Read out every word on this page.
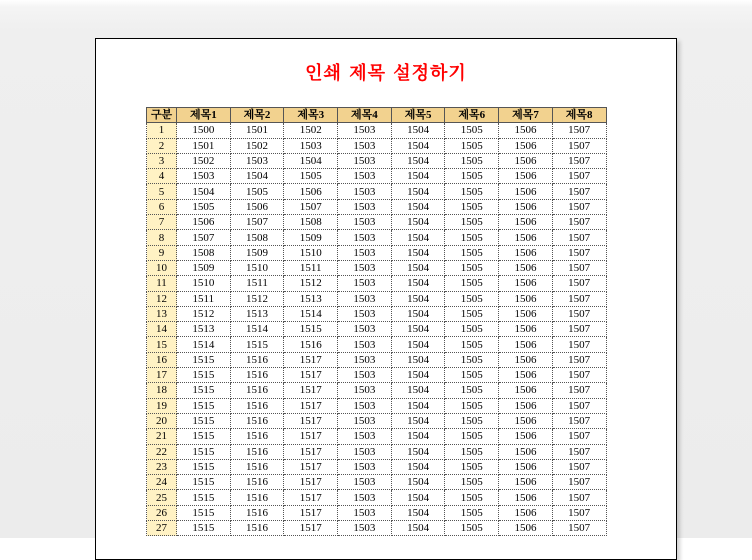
인쇄 제목 설정하기
구분	제목1	제목2	제목3	제목4	제목5	제목6	제목7	제목8
1	1500	1501	1502	1503	1504	1505	1506	1507
2	1501	1502	1503	1503	1504	1505	1506	1507
3	1502	1503	1504	1503	1504	1505	1506	1507
4	1503	1504	1505	1503	1504	1505	1506	1507
5	1504	1505	1506	1503	1504	1505	1506	1507
6	1505	1506	1507	1503	1504	1505	1506	1507
7	1506	1507	1508	1503	1504	1505	1506	1507
8	1507	1508	1509	1503	1504	1505	1506	1507
9	1508	1509	1510	1503	1504	1505	1506	1507
10	1509	1510	1511	1503	1504	1505	1506	1507
11	1510	1511	1512	1503	1504	1505	1506	1507
12	1511	1512	1513	1503	1504	1505	1506	1507
13	1512	1513	1514	1503	1504	1505	1506	1507
14	1513	1514	1515	1503	1504	1505	1506	1507
15	1514	1515	1516	1503	1504	1505	1506	1507
16	1515	1516	1517	1503	1504	1505	1506	1507
17	1515	1516	1517	1503	1504	1505	1506	1507
18	1515	1516	1517	1503	1504	1505	1506	1507
19	1515	1516	1517	1503	1504	1505	1506	1507
20	1515	1516	1517	1503	1504	1505	1506	1507
21	1515	1516	1517	1503	1504	1505	1506	1507
22	1515	1516	1517	1503	1504	1505	1506	1507
23	1515	1516	1517	1503	1504	1505	1506	1507
24	1515	1516	1517	1503	1504	1505	1506	1507
25	1515	1516	1517	1503	1504	1505	1506	1507
26	1515	1516	1517	1503	1504	1505	1506	1507
27	1515	1516	1517	1503	1504	1505	1506	1507
